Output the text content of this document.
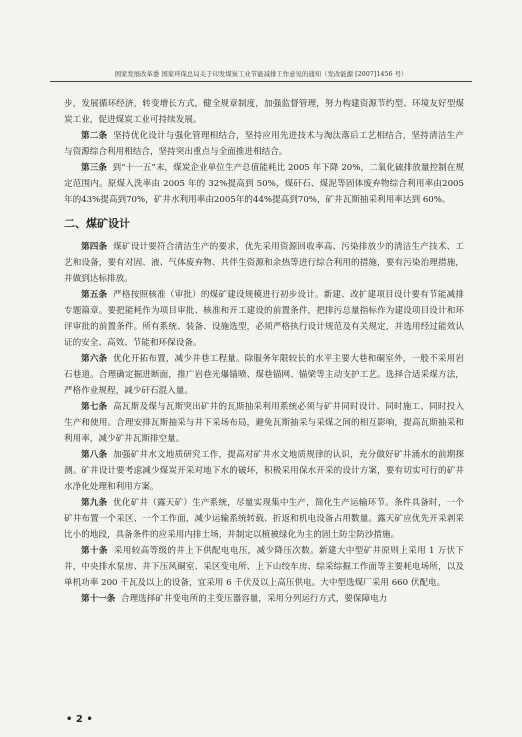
国家发展改革委 国家环保总局关于印发煤炭工业节能减排工作意见的通知（发改能源 [2007]1456 号）

步，发展循环经济，转变增长方式，健全规章制度，加强监督管理，努力构建资源节约型、环境友好型煤炭工业，促进煤炭工业可持续发展。

第二条 坚持优化设计与强化管理相结合，坚持应用先进技术与淘汰落后工艺相结合，坚持清洁生产与资源综合利用相结合，坚持突出重点与全面推进相结合。

第三条 到“十一五”末，煤炭企业单位生产总值能耗比 2005 年下降 20%，二氧化硫排放量控制在规定范围内。原煤入洗率由 2005 年的 32%提高到 50%，煤矸石、煤泥等固体废弃物综合利用率由2005年的43%提高到70%，矿井水利用率由2005年的44%提高到70%，矿井瓦斯抽采利用率达到 60%。

二、煤矿设计

第四条 煤矿设计要符合清洁生产的要求，优先采用资源回收率高、污染排放少的清洁生产技术、工艺和设备，要有对固、液、气体废弃物、共伴生资源和余热等进行综合利用的措施，要有污染治理措施，并做到达标排放。

第五条 严格按照核准（审批）的煤矿建设规模进行初步设计。新建、改扩建项目设计要有节能减排专题篇章。要把能耗作为项目审批、核准和开工建设的前置条件，把排污总量指标作为建设项目设计和环评审批的前置条件。所有系统、装备、设施选型，必须严格执行设计规范及有关规定，并选用经过能效认证的安全、高效、节能和环保设备。

第六条 优化开拓布置，减少井巷工程量。除服务年限较长的水平主要大巷和硐室外，一般不采用岩石巷道。合理确定掘进断面，推广岩巷光爆锚喷、煤巷锚网、锚梁等主动支护工艺。选择合适采煤方法，严格作业规程，减少矸石混入量。

第七条 高瓦斯及煤与瓦斯突出矿井的瓦斯抽采利用系统必须与矿井同时设计、同时施工、同时投入生产和使用。合理安排瓦斯抽采与井下采场布局，避免瓦斯抽采与采煤之间的相互影响，提高瓦斯抽采和利用率，减少矿井瓦斯排空量。

第八条 加强矿井水文地质研究工作，提高对矿井水文地质规律的认识，充分做好矿井涌水的前期探测。矿井设计要考虑减少煤炭开采对地下水的破坏，积极采用保水开采的设计方案，要有切实可行的矿井水净化处理和利用方案。

第九条 优化矿井（露天矿）生产系统，尽量实现集中生产，简化生产运输环节。条件具备时，一个矿井布置一个采区、一个工作面，减少运输系统转载、折返和机电设备占用数量。露天矿应优先开采剥采比小的地段，具备条件的应采用内排土场，并制定以植被绿化为主的固土防尘防沙措施。

第十条 采用较高等级的井上下供配电电压，减少降压次数。新建大中型矿井原则上采用 1 万伏下井，中央排水泵房、井下压风硐室、采区变电所、上下山绞车房、综采综掘工作面等主要耗电场所，以及单机功率 200 千瓦及以上的设备，宜采用 6 千伏及以上高压供电。大中型选煤厂采用 660 伏配电。

第十一条 合理选择矿井变电所的主变压器容量，采用分列运行方式，要保障电力

• 2 •
